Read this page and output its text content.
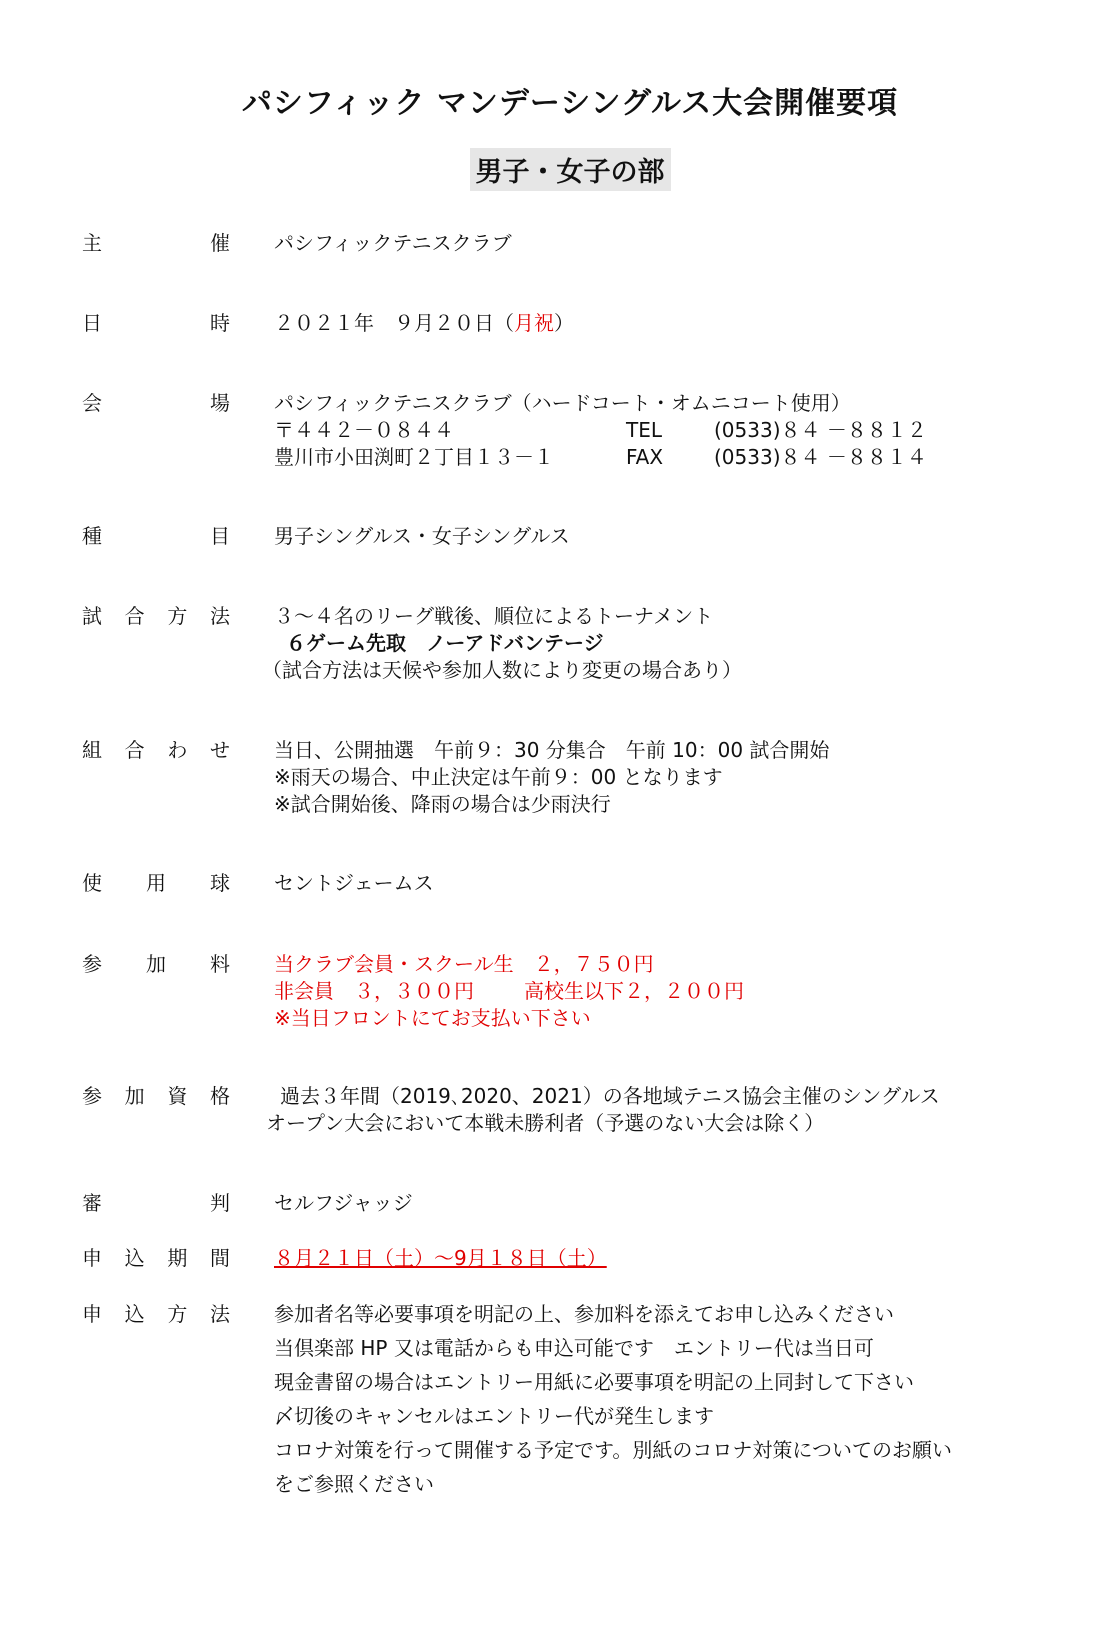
パシフィック マンデーシングルス大会開催要項
男子・女子の部
主	催 パシフィックテニスクラブ
日	時 ２０２１年　９月２０日（月祝）
会	場 パシフィックテニスクラブ（ハードコート・オムニコート使用）
〒４４２－０８４４	TEL	(0533)８４ －８８１２
豊川市小田渕町２丁目１３－１	FAX	(0533)８４ －８８１４
種	目 男子シングルス・女子シングルス
試 合 方 法 ３～４名のリーグ戦後、順位によるトーナメント
６ゲーム先取　ノーアドバンテージ
（試合方法は天候や参加人数により変更の場合あり）
組 合 わ せ 当日、公開抽選　午前９：30 分集合　午前 10：00 試合開始
※雨天の場合、中止決定は午前９：00 となります
※試合開始後、降雨の場合は少雨決行
使 用 球 セントジェームス
参 加 料 当クラブ会員・スクール生　２，７５０円
非会員　３，３００円	高校生以下２，２００円
※当日フロントにてお支払い下さい
参 加 資 格	過去３年間（2019､2020、2021）の各地域テニス協会主催のシングルス
オープン大会において本戦未勝利者（予選のない大会は除く）
審	判 セルフジャッジ
申 込 期 間 ８月２１日（土）～9月１８日（土）
申 込 方 法 参加者名等必要事項を明記の上、参加料を添えてお申し込みください
当倶楽部 HP 又は電話からも申込可能です　エントリー代は当日可
現金書留の場合はエントリー用紙に必要事項を明記の上同封して下さい
〆切後のキャンセルはエントリー代が発生します
コロナ対策を行って開催する予定です。別紙のコロナ対策についてのお願い
をご参照ください
